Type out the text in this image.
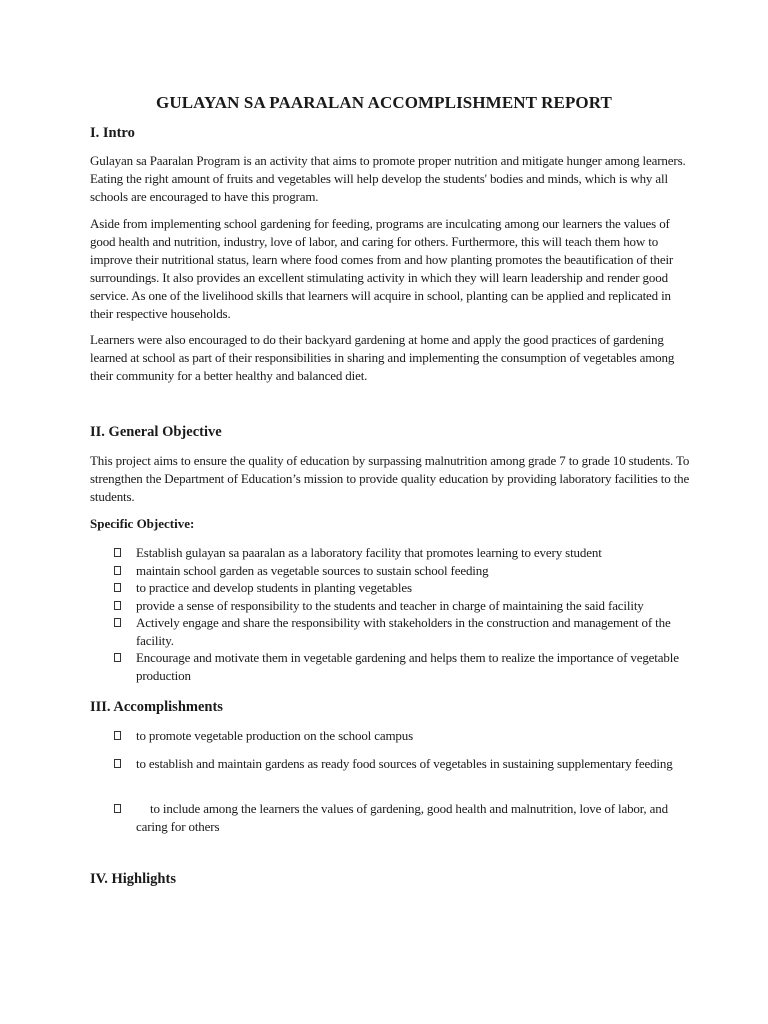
GULAYAN SA PAARALAN ACCOMPLISHMENT REPORT
I. Intro
Gulayan sa Paaralan Program is an activity that aims to promote proper nutrition and mitigate hunger among learners. Eating the right amount of fruits and vegetables will help develop the students' bodies and minds, which is why all schools are encouraged to have this program.
Aside from implementing school gardening for feeding, programs are inculcating among our learners the values of good health and nutrition, industry, love of labor, and caring for others. Furthermore, this will teach them how to improve their nutritional status, learn where food comes from and how planting promotes the beautification of their surroundings. It also provides an excellent stimulating activity in which they will learn leadership and render good service. As one of the livelihood skills that learners will acquire in school, planting can be applied and replicated in their respective households.
Learners were also encouraged to do their backyard gardening at home and apply the good practices of gardening learned at school as part of their responsibilities in sharing and implementing the consumption of vegetables among their community for a better healthy and balanced diet.
II. General Objective
This project aims to ensure the quality of education by surpassing malnutrition among grade 7 to grade 10 students. To strengthen the Department of Education’s mission to provide quality education by providing laboratory facilities to the students.
Specific Objective:
Establish gulayan sa paaralan as a laboratory facility that promotes learning to every student
maintain school garden as vegetable sources to sustain school feeding
to practice and develop students in planting vegetables
provide a sense of responsibility to the students and teacher in charge of maintaining the said facility
Actively engage and share the responsibility with stakeholders in the construction and management of the facility.
Encourage and motivate them in vegetable gardening and helps them to realize the importance of vegetable production
III. Accomplishments
to promote vegetable production on the school campus
to establish and maintain gardens as ready food sources of vegetables in sustaining supplementary feeding
to include among the learners the values of gardening, good health and malnutrition, love of labor, and caring for others
IV. Highlights
